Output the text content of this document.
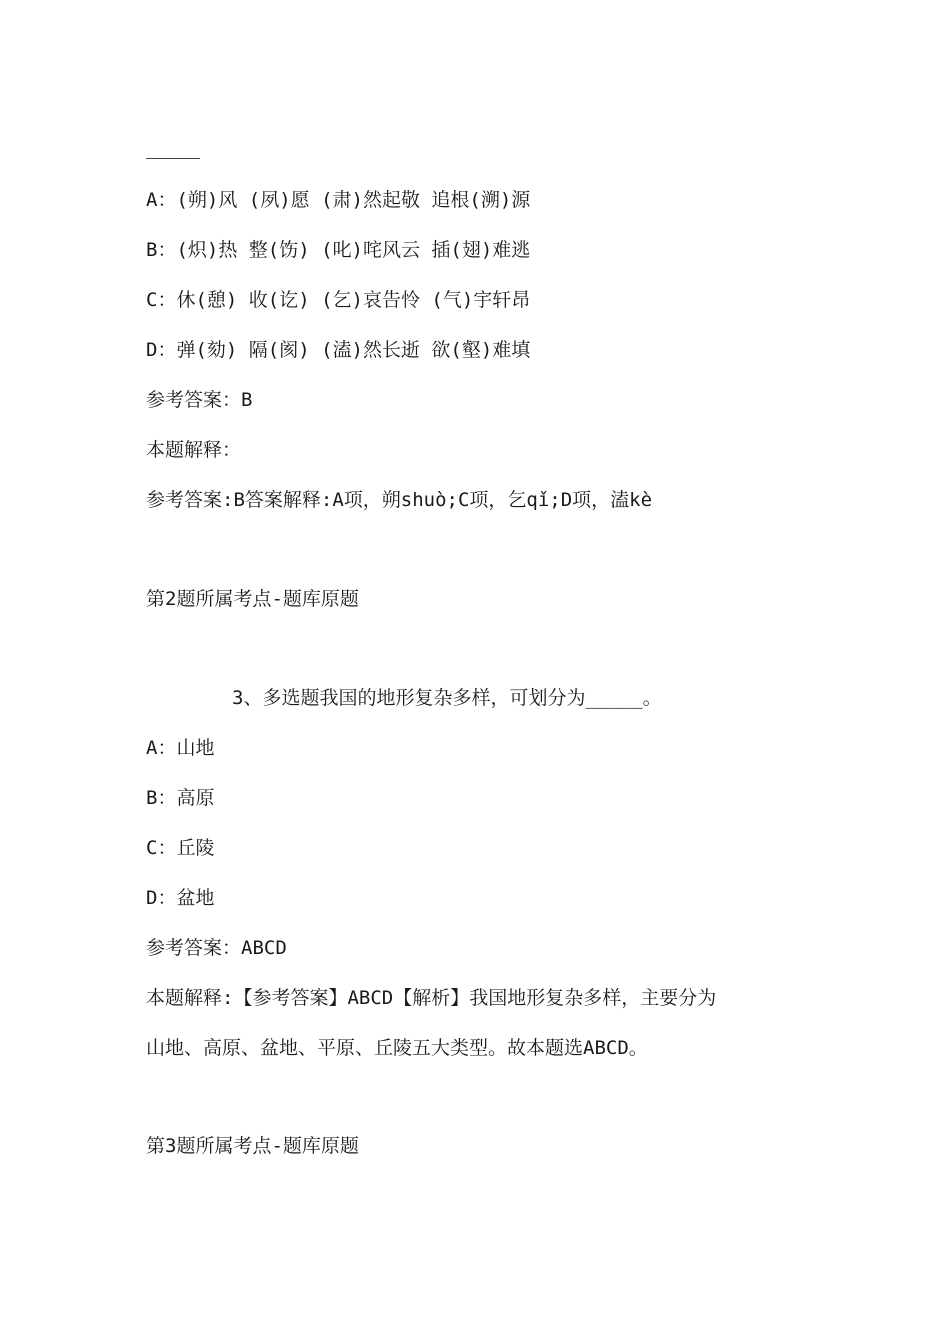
A：(朔)风 (夙)愿 (肃)然起敬 追根(溯)源
B：(炽)热 整(饬) (叱)咤风云 插(翅)难逃
C：休(憩) 收(讫) (乞)哀告怜 (气)宇轩昂
D：弹(劾) 隔(阂) (溘)然长逝 欲(壑)难填
参考答案：B
本题解释：
参考答案:B答案解释:A项，朔shuò;C项，乞qǐ;D项，溘kè
第2题所属考点-题库原题
3、多选题我国的地形复杂多样，可划分为_____。
A：山地
B：高原
C：丘陵
D：盆地
参考答案：ABCD
本题解释:【参考答案】ABCD【解析】我国地形复杂多样，主要分为
山地、高原、盆地、平原、丘陵五大类型。故本题选ABCD。
第3题所属考点-题库原题
